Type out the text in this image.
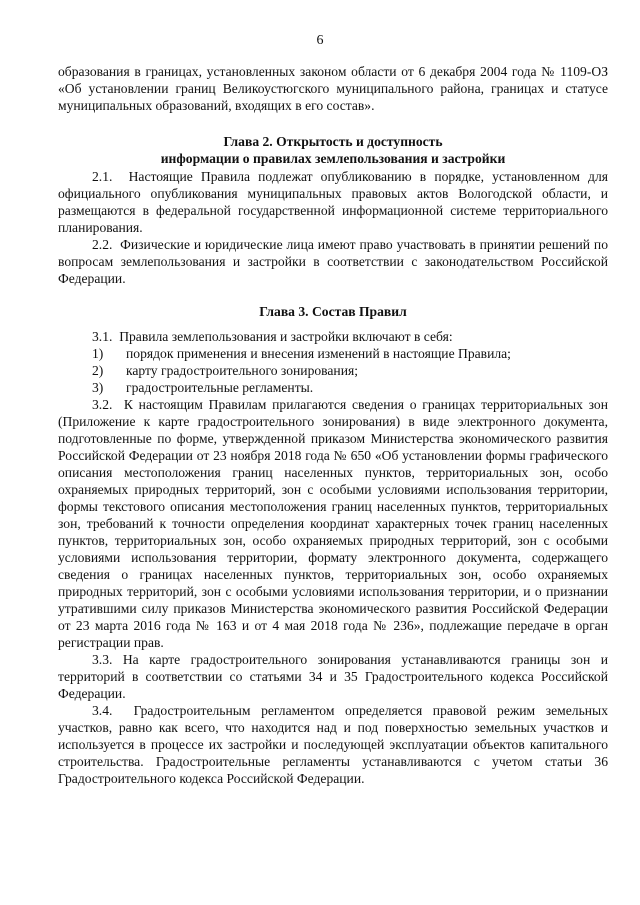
6

образования в границах, установленных законом области от 6 декабря 2004 года № 1109-ОЗ «Об установлении границ Великоустюгского муниципального района, границах и статусе муниципальных образований, входящих в его состав».

Глава 2. Открытость и доступность
информации о правилах землепользования и застройки

2.1.  Настоящие Правила подлежат опубликованию в порядке, установленном для официального опубликования муниципальных правовых актов Вологодской области, и размещаются в федеральной государственной информационной системе территориального планирования.

2.2.  Физические и юридические лица имеют право участвовать в принятии решений по вопросам землепользования и застройки в соответствии с законодательством Российской Федерации.

Глава 3. Состав Правил

3.1.  Правила землепользования и застройки включают в себя:

1)	порядок применения и внесения изменений в настоящие Правила;
2)	карту градостроительного зонирования;
3)	градостроительные регламенты.

3.2.  К настоящим Правилам прилагаются сведения о границах территориальных зон (Приложение к карте градостроительного зонирования) в виде электронного документа, подготовленные по форме, утвержденной приказом Министерства экономического развития Российской Федерации от 23 ноября 2018 года № 650 «Об установлении формы графического описания местоположения границ населенных пунктов, территориальных зон, особо охраняемых природных территорий, зон с особыми условиями использования территории, формы текстового описания местоположения границ населенных пунктов, территориальных зон, требований к точности определения координат характерных точек границ населенных пунктов, территориальных зон, особо охраняемых природных территорий, зон с особыми условиями использования территории, формату электронного документа, содержащего сведения о границах населенных пунктов, территориальных зон, особо охраняемых природных территорий, зон с особыми условиями использования территории, и о признании утратившими силу приказов Министерства экономического развития Российской Федерации от 23 марта 2016 года № 163 и от 4 мая 2018 года № 236», подлежащие передаче в орган регистрации прав.

3.3. На карте градостроительного зонирования устанавливаются границы зон и территорий в соответствии со статьями 34 и 35 Градостроительного кодекса Российской Федерации.

3.4.  Градостроительным регламентом определяется правовой режим земельных участков, равно как всего, что находится над и под поверхностью земельных участков и используется в процессе их застройки и последующей эксплуатации объектов капитального строительства. Градостроительные регламенты устанавливаются с учетом статьи 36 Градостроительного кодекса Российской Федерации.
